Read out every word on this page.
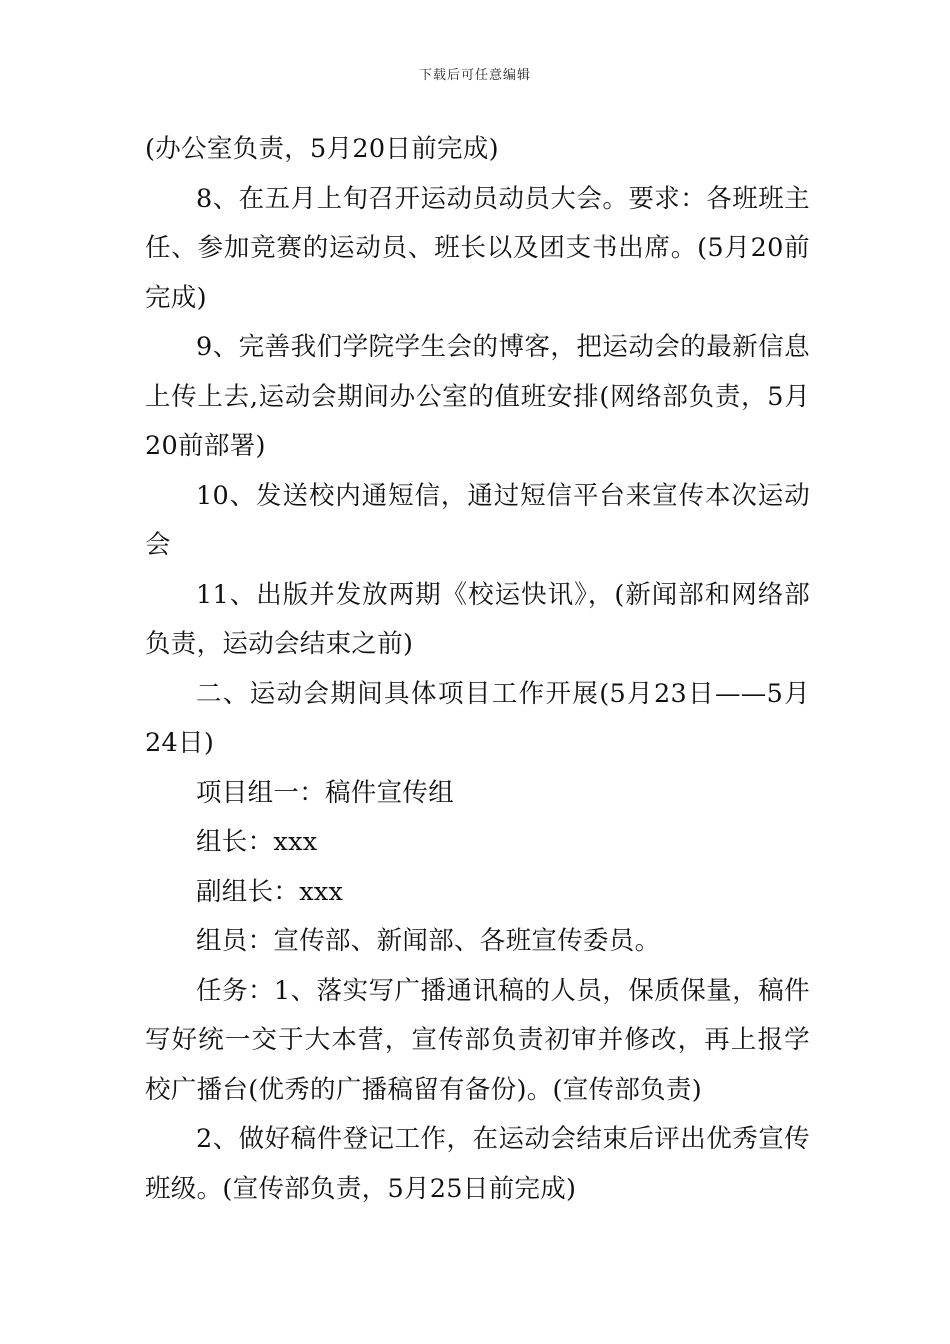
下载后可任意编辑

(办公室负责，5月20日前完成)

8、在五月上旬召开运动员动员大会。要求：各班班主任、参加竞赛的运动员、班长以及团支书出席。(5月20前完成)

9、完善我们学院学生会的博客，把运动会的最新信息上传上去,运动会期间办公室的值班安排(网络部负责，5月20前部署)

10、发送校内通短信，通过短信平台来宣传本次运动会

11、出版并发放两期《校运快讯》，(新闻部和网络部负责，运动会结束之前)

二、运动会期间具体项目工作开展(5月23日——5月24日)

项目组一：稿件宣传组

组长：xxx

副组长：xxx

组员：宣传部、新闻部、各班宣传委员。

任务：1、落实写广播通讯稿的人员，保质保量，稿件写好统一交于大本营，宣传部负责初审并修改，再上报学校广播台(优秀的广播稿留有备份)。(宣传部负责)

2、做好稿件登记工作，在运动会结束后评出优秀宣传班级。(宣传部负责，5月25日前完成)
